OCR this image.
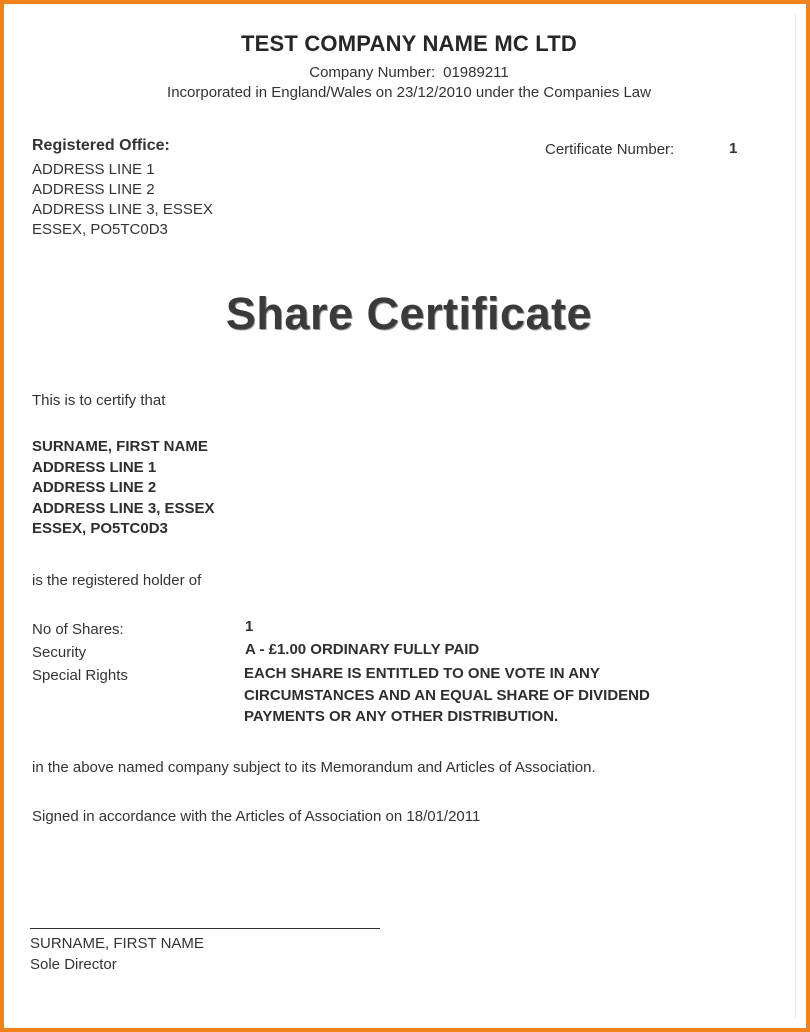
TEST COMPANY NAME MC LTD
Company Number: 01989211
Incorporated in England/Wales on 23/12/2010 under the Companies Law
Registered Office:
ADDRESS LINE 1
ADDRESS LINE 2
ADDRESS LINE 3, ESSEX
ESSEX, PO5TC0D3
Certificate Number:	1
Share Certificate
This is to certify that
SURNAME, FIRST NAME
ADDRESS LINE 1
ADDRESS LINE 2
ADDRESS LINE 3, ESSEX
ESSEX, PO5TC0D3
is the registered holder of
No of Shares:	1
Security	A - £1.00 ORDINARY FULLY PAID
Special Rights	EACH SHARE IS ENTITLED TO ONE VOTE IN ANY
CIRCUMSTANCES AND AN EQUAL SHARE OF DIVIDEND
PAYMENTS OR ANY OTHER DISTRIBUTION.
in the above named company subject to its Memorandum and Articles of Association.
Signed in accordance with the Articles of Association on 18/01/2011
SURNAME, FIRST NAME
Sole Director
